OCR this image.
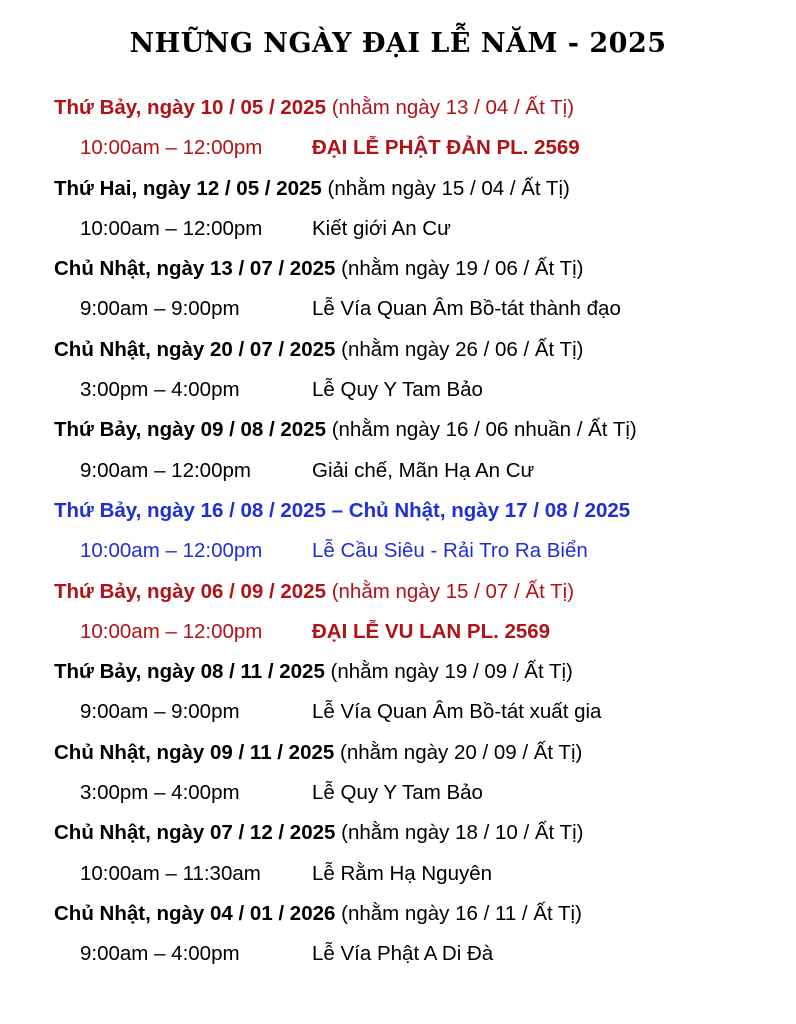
NHỮNG NGÀY ĐẠI LỄ NĂM - 2025
Thứ Bảy, ngày 10 / 05 / 2025 (nhằm ngày 13 / 04 / Ất Tị)
10:00am – 12:00pm ĐẠI LỄ PHẬT ĐẢN PL. 2569
Thứ Hai, ngày 12 / 05 / 2025 (nhằm ngày 15 / 04 / Ất Tị)
10:00am – 12:00pm Kiết giới An Cư
Chủ Nhật, ngày 13 / 07 / 2025 (nhằm ngày 19 / 06 / Ất Tị)
9:00am – 9:00pm	Lễ Vía Quan Âm Bồ-tát thành đạo
Chủ Nhật, ngày 20 / 07 / 2025 (nhằm ngày 26 / 06 / Ất Tị)
3:00pm – 4:00pm	Lễ Quy Y Tam Bảo
Thứ Bảy, ngày 09 / 08 / 2025 (nhằm ngày 16 / 06 nhuần / Ất Tị)
9:00am – 12:00pm	Giải chế, Mãn Hạ An Cư
Thứ Bảy, ngày 16 / 08 / 2025 – Chủ Nhật, ngày 17 / 08 / 2025
10:00am – 12:00pm Lễ Cầu Siêu - Rải Tro Ra Biển
Thứ Bảy, ngày 06 / 09 / 2025 (nhằm ngày 15 / 07 / Ất Tị)
10:00am – 12:00pm ĐẠI LỄ VU LAN PL. 2569
Thứ Bảy, ngày 08 / 11 / 2025 (nhằm ngày 19 / 09 / Ất Tị)
9:00am – 9:00pm	Lễ Vía Quan Âm Bồ-tát xuất gia
Chủ Nhật, ngày 09 / 11 / 2025 (nhằm ngày 20 / 09 / Ất Tị)
3:00pm – 4:00pm	Lễ Quy Y Tam Bảo
Chủ Nhật, ngày 07 / 12 / 2025 (nhằm ngày 18 / 10 / Ất Tị)
10:00am – 11:30am Lễ Rằm Hạ Nguyên
Chủ Nhật, ngày 04 / 01 / 2026 (nhằm ngày 16 / 11 / Ất Tị)
9:00am – 4:00pm	Lễ Vía Phật A Di Đà
